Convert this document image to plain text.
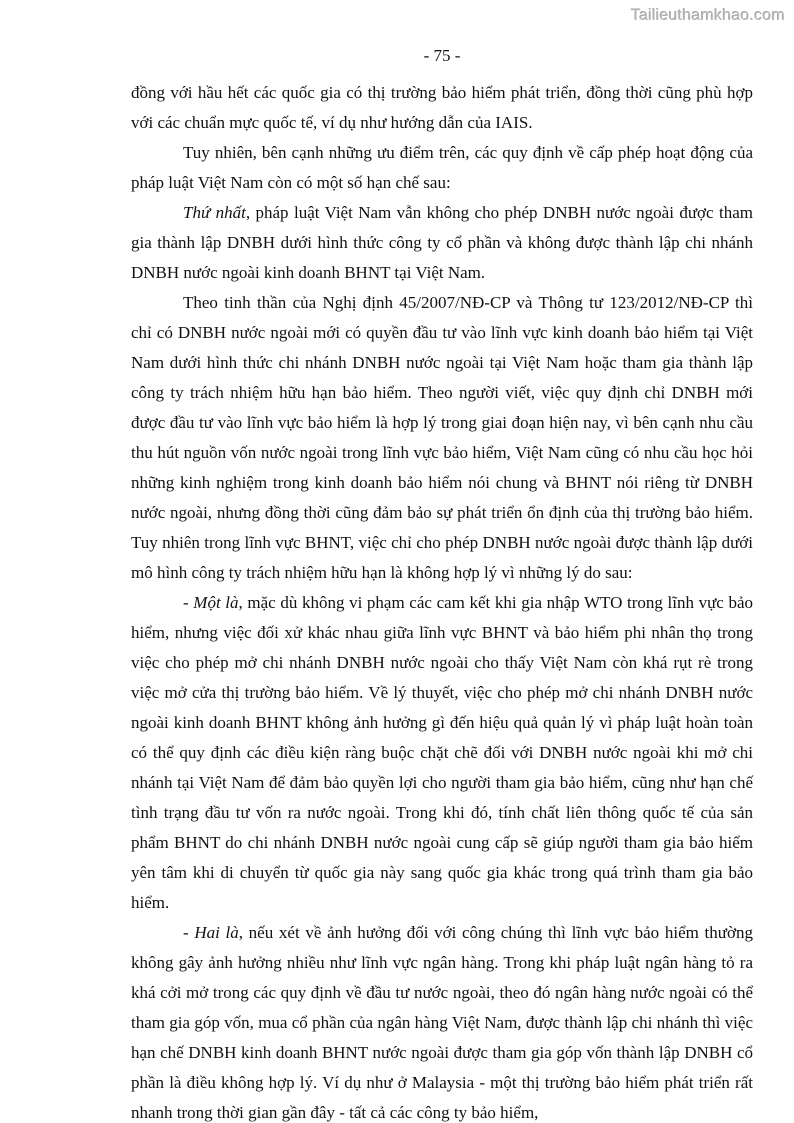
Tailieuthamkhao.com
- 75 -

đồng với hầu hết các quốc gia có thị trường bảo hiểm phát triển, đồng thời cũng phù hợp với các chuẩn mực quốc tế, ví dụ như hướng dẫn của IAIS.

Tuy nhiên, bên cạnh những ưu điểm trên, các quy định về cấp phép hoạt động của pháp luật Việt Nam còn có một số hạn chế sau:

Thứ nhất, pháp luật Việt Nam vẫn không cho phép DNBH nước ngoài được tham gia thành lập DNBH dưới hình thức công ty cổ phần và không được thành lập chi nhánh DNBH nước ngoài kinh doanh BHNT tại Việt Nam.

Theo tinh thần của Nghị định 45/2007/NĐ-CP và Thông tư 123/2012/NĐ-CP thì chỉ có DNBH nước ngoài mới có quyền đầu tư vào lĩnh vực kinh doanh bảo hiểm tại Việt Nam dưới hình thức chi nhánh DNBH nước ngoài tại Việt Nam hoặc tham gia thành lập công ty trách nhiệm hữu hạn bảo hiểm. Theo người viết, việc quy định chỉ DNBH mới được đầu tư vào lĩnh vực bảo hiểm là hợp lý trong giai đoạn hiện nay, vì bên cạnh nhu cầu thu hút nguồn vốn nước ngoài trong lĩnh vực bảo hiểm, Việt Nam cũng có nhu cầu học hỏi những kinh nghiệm trong kinh doanh bảo hiểm nói chung và BHNT nói riêng từ DNBH nước ngoài, nhưng đồng thời cũng đảm bảo sự phát triển ổn định của thị trường bảo hiểm. Tuy nhiên trong lĩnh vực BHNT, việc chỉ cho phép DNBH nước ngoài được thành lập dưới mô hình công ty trách nhiệm hữu hạn là không hợp lý vì những lý do sau:

- Một là, mặc dù không vi phạm các cam kết khi gia nhập WTO trong lĩnh vực bảo hiểm, nhưng việc đối xử khác nhau giữa lĩnh vực BHNT và bảo hiểm phi nhân thọ trong việc cho phép mở chi nhánh DNBH nước ngoài cho thấy Việt Nam còn khá rụt rè trong việc mở cửa thị trường bảo hiểm. Về lý thuyết, việc cho phép mở chi nhánh DNBH nước ngoài kinh doanh BHNT không ảnh hưởng gì đến hiệu quả quản lý vì pháp luật hoàn toàn có thể quy định các điều kiện ràng buộc chặt chẽ đối với DNBH nước ngoài khi mở chi nhánh tại Việt Nam để đảm bảo quyền lợi cho người tham gia bảo hiểm, cũng như hạn chế tình trạng đầu tư vốn ra nước ngoài. Trong khi đó, tính chất liên thông quốc tế của sản phẩm BHNT do chi nhánh DNBH nước ngoài cung cấp sẽ giúp người tham gia bảo hiểm yên tâm khi di chuyển từ quốc gia này sang quốc gia khác trong quá trình tham gia bảo hiểm.

- Hai là, nếu xét về ảnh hưởng đối với công chúng thì lĩnh vực bảo hiểm thường không gây ảnh hưởng nhiều như lĩnh vực ngân hàng. Trong khi pháp luật ngân hàng tỏ ra khá cởi mở trong các quy định về đầu tư nước ngoài, theo đó ngân hàng nước ngoài có thể tham gia góp vốn, mua cổ phần của ngân hàng Việt Nam, được thành lập chi nhánh thì việc hạn chế DNBH kinh doanh BHNT nước ngoài được tham gia góp vốn thành lập DNBH cổ phần là điều không hợp lý. Ví dụ như ở Malaysia - một thị trường bảo hiểm phát triển rất nhanh trong thời gian gần đây - tất cả các công ty bảo hiểm,
